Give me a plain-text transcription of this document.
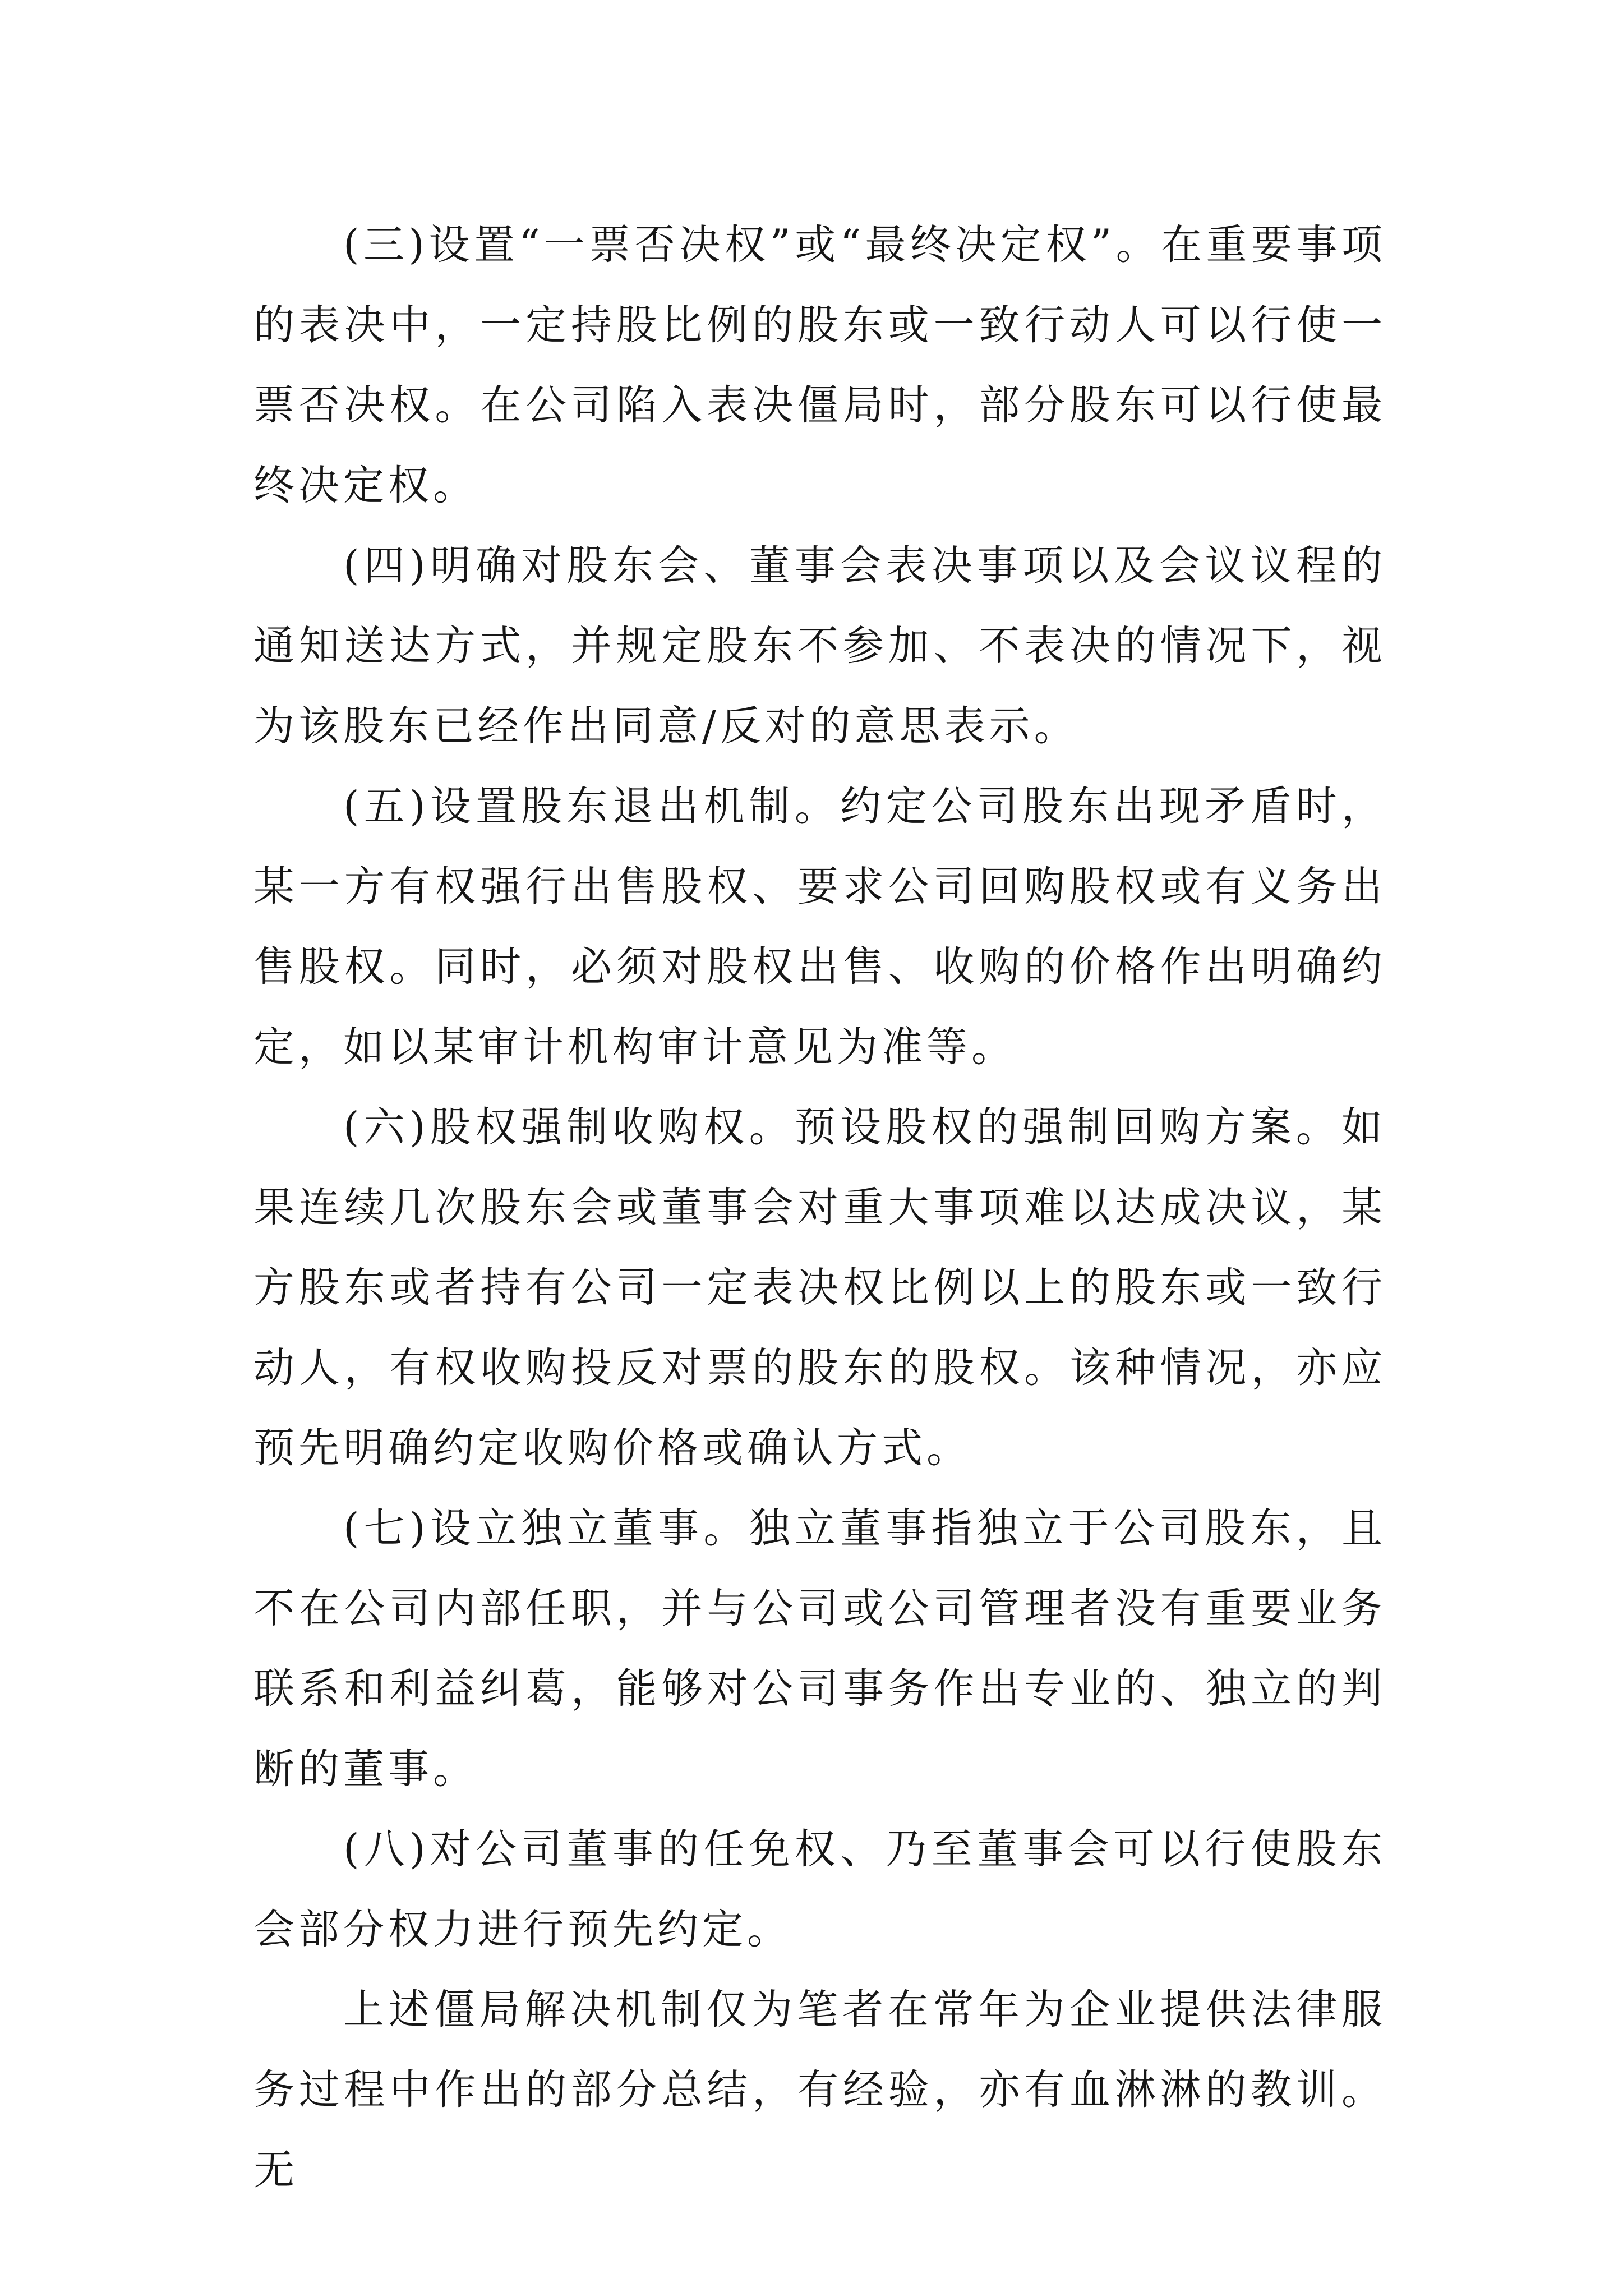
(三)设置“一票否决权”或“最终决定权”。在重要事项的表决中，一定持股比例的股东或一致行动人可以行使一票否决权。在公司陷入表决僵局时，部分股东可以行使最终决定权。

(四)明确对股东会、董事会表决事项以及会议议程的通知送达方式，并规定股东不参加、不表决的情况下，视为该股东已经作出同意/反对的意思表示。

(五)设置股东退出机制。约定公司股东出现矛盾时，某一方有权强行出售股权、要求公司回购股权或有义务出售股权。同时，必须对股权出售、收购的价格作出明确约定，如以某审计机构审计意见为准等。

(六)股权强制收购权。预设股权的强制回购方案。如果连续几次股东会或董事会对重大事项难以达成决议，某方股东或者持有公司一定表决权比例以上的股东或一致行动人，有权收购投反对票的股东的股权。该种情况，亦应预先明确约定收购价格或确认方式。

(七)设立独立董事。独立董事指独立于公司股东，且不在公司内部任职，并与公司或公司管理者没有重要业务联系和利益纠葛，能够对公司事务作出专业的、独立的判断的董事。

(八)对公司董事的任免权、乃至董事会可以行使股东会部分权力进行预先约定。

上述僵局解决机制仅为笔者在常年为企业提供法律服务过程中作出的部分总结，有经验，亦有血淋淋的教训。无
